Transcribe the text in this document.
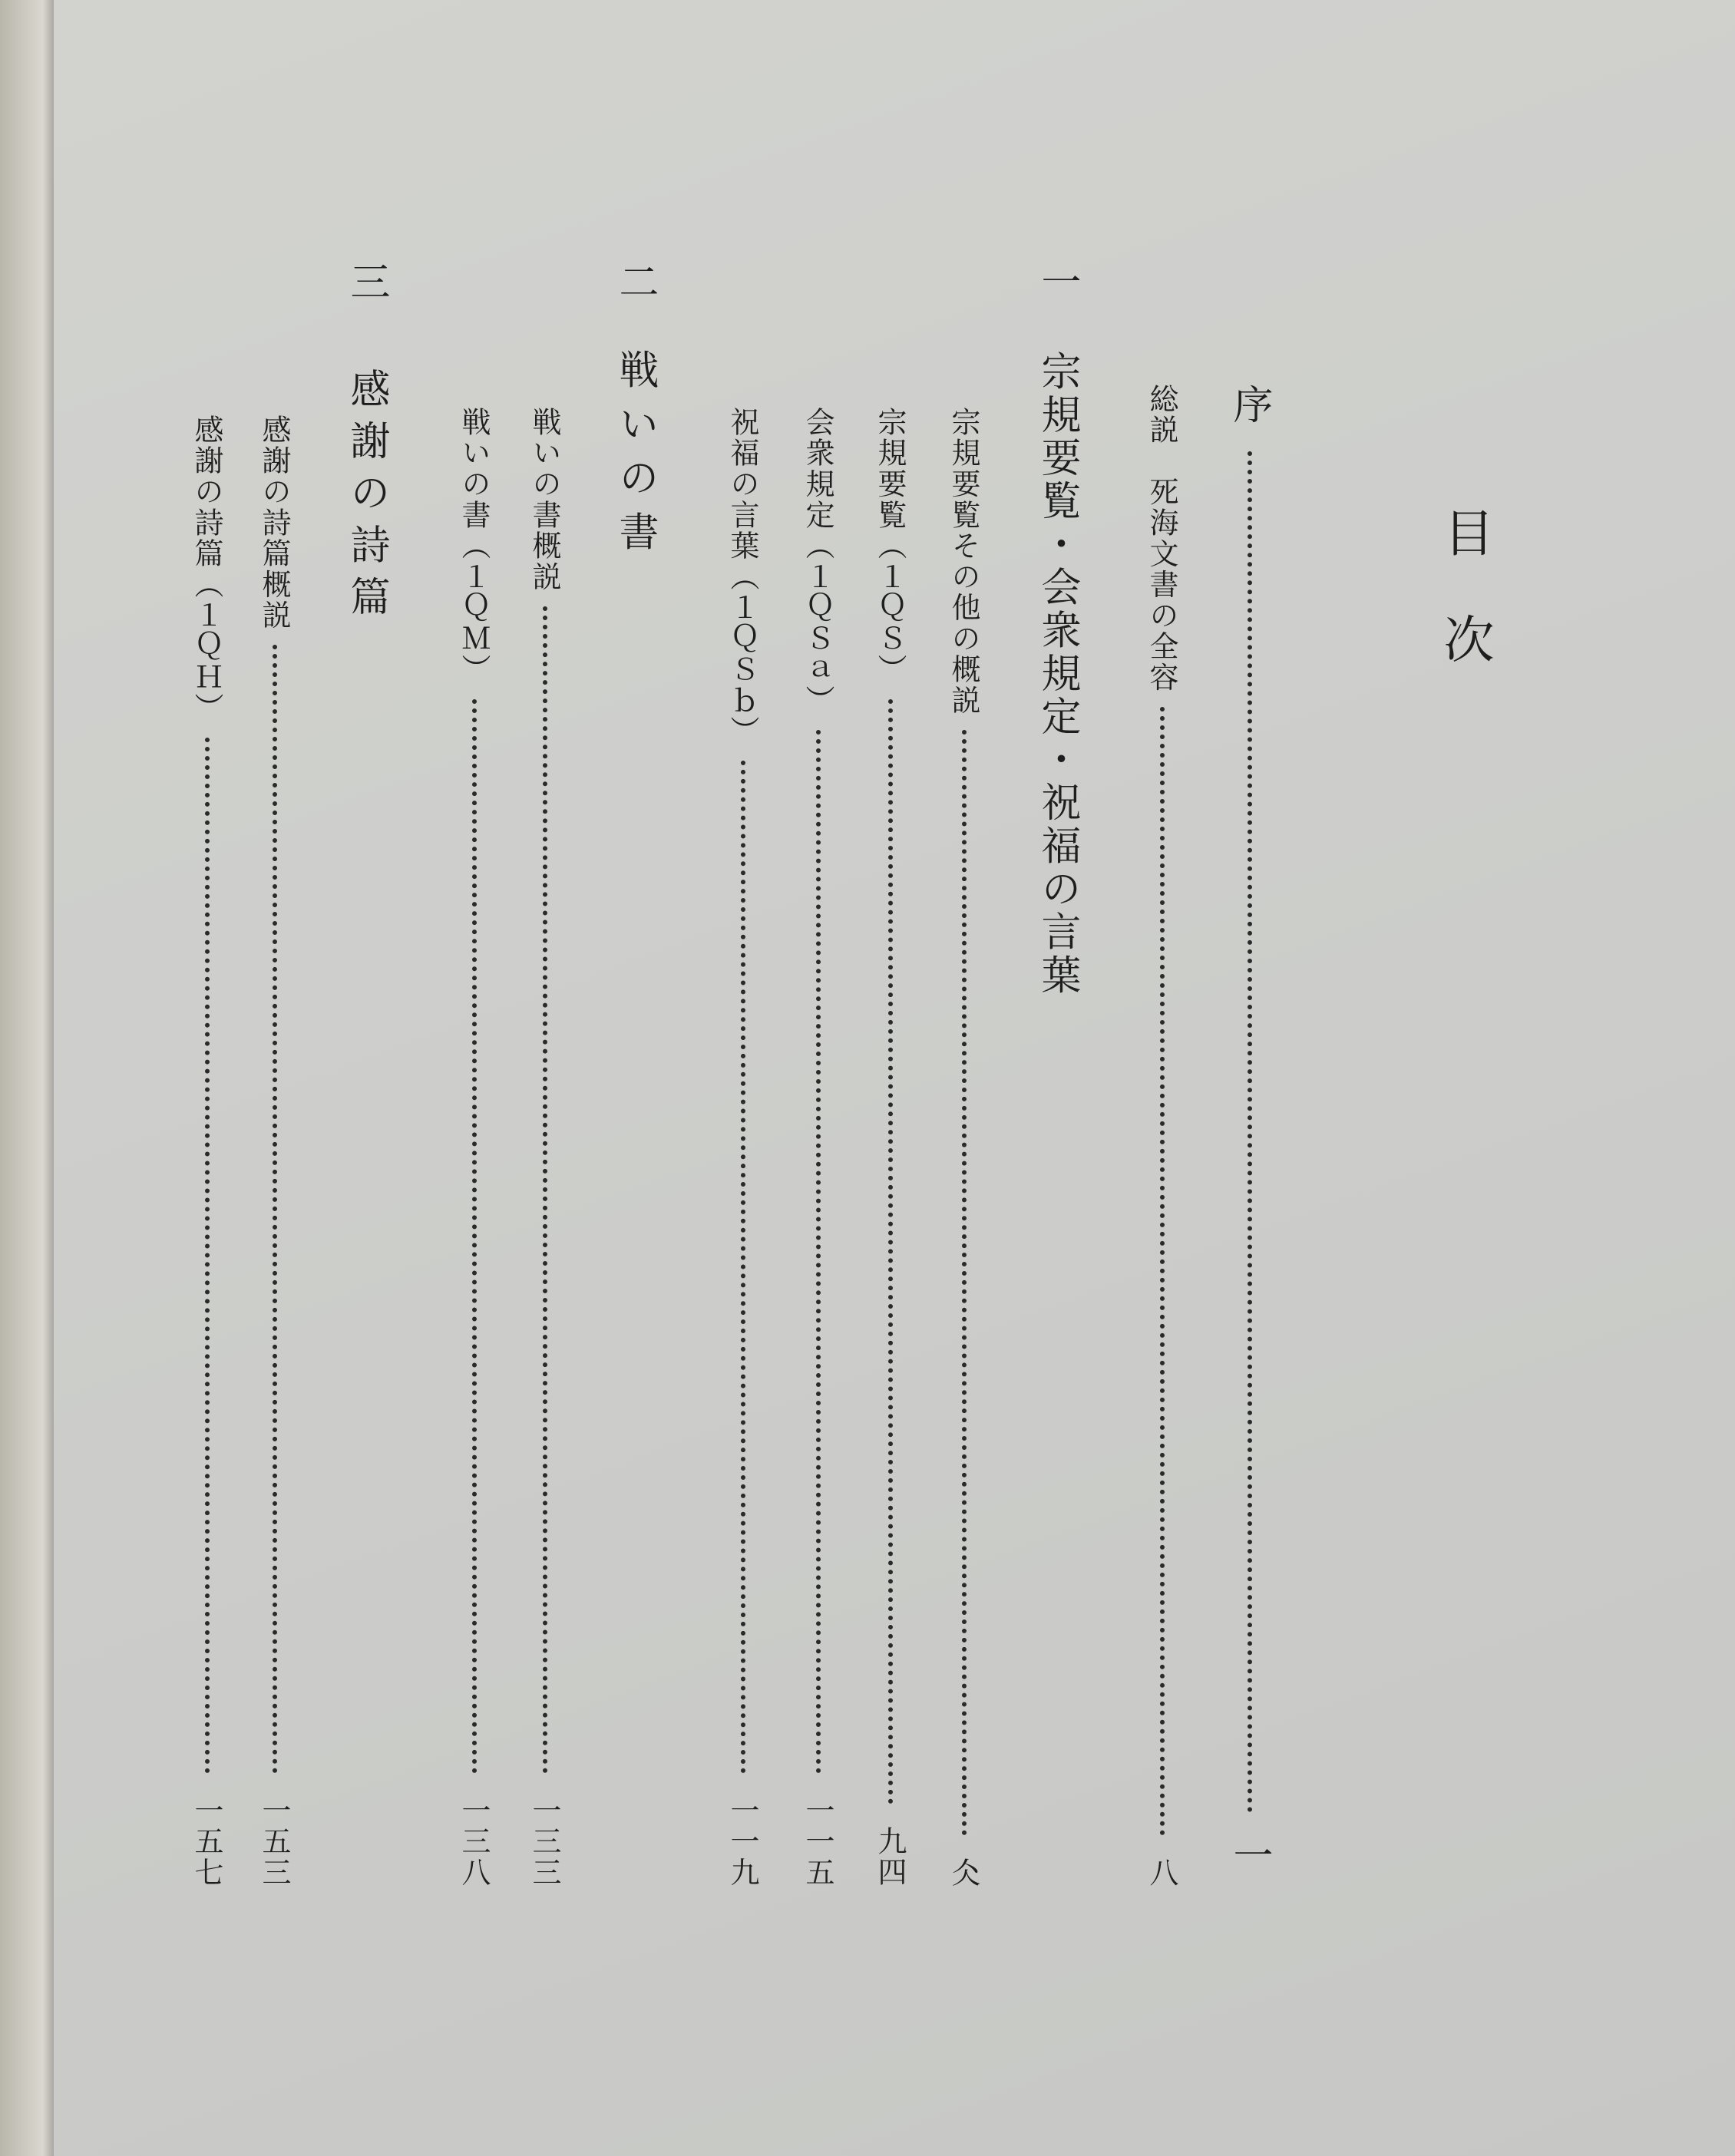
目次
序
一
総説　死海文書の全容
八
一 宗規要覧・会衆規定・祝福の言葉
宗規要覧その他の概説
仌
宗規要覧（１ＱＳ）
九四
会衆規定（１ＱＳａ）
一一五
祝福の言葉（１ＱＳｂ）
一一九
二 戦いの書
戦いの書概説
一三三
戦いの書（１ＱＭ）
一三八
三 感謝の詩篇
感謝の詩篇概説
一五三
感謝の詩篇（１ＱＨ）
一五七
